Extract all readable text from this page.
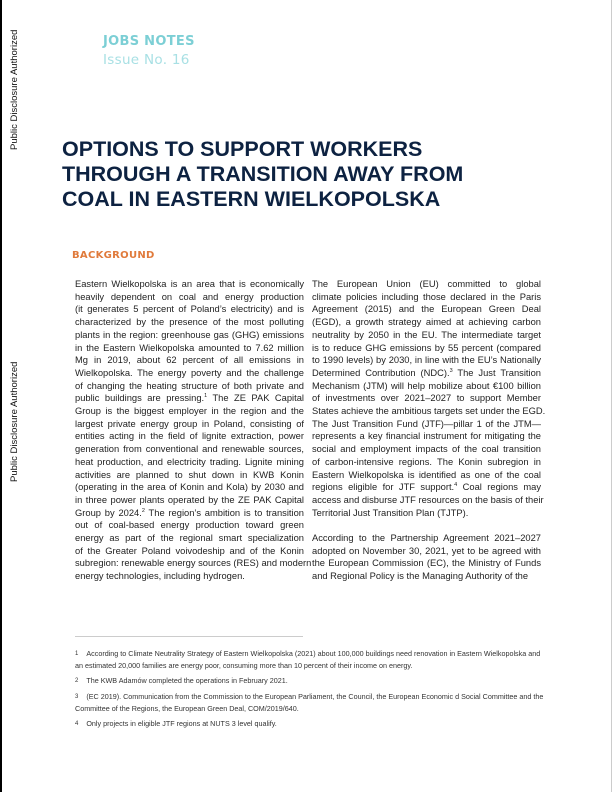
Public Disclosure Authorized
Public Disclosure Authorized
JOBS NOTES
Issue No. 16
OPTIONS TO SUPPORT WORKERS
THROUGH A TRANSITION AWAY FROM
COAL IN EASTERN WIELKOPOLSKA
BACKGROUND
Eastern Wielkopolska is an area that is economically
heavily dependent on coal and energy production
(it generates 5 percent of Poland’s electricity) and is
characterized by the presence of the most polluting
plants in the region: greenhouse gas (GHG) emissions
in the Eastern Wielkopolska amounted to 7.62 million
Mg in 2019, about 62 percent of all emissions in
Wielkopolska. The energy poverty and the challenge
of changing the heating structure of both private and
public buildings are pressing.$^1$ The ZE PAK Capital
Group is the biggest employer in the region and the
largest private energy group in Poland, consisting of
entities acting in the field of lignite extraction, power
generation from conventional and renewable sources,
heat production, and electricity trading. Lignite mining
activities are planned to shut down in KWB Konin
(operating in the area of Konin and Kola) by 2030 and
in three power plants operated by the ZE PAK Capital
Group by 2024.$^2$ The region’s ambition is to transition
out of coal-based energy production toward green
energy as part of the regional smart specialization
of the Greater Poland voivodeship and of the Konin
subregion: renewable energy sources (RES) and modern
energy technologies, including hydrogen.
The European Union (EU) committed to global
climate policies including those declared in the Paris
Agreement (2015) and the European Green Deal
(EGD), a growth strategy aimed at achieving carbon
neutrality by 2050 in the EU. The intermediate target
is to reduce GHG emissions by 55 percent (compared
to 1990 levels) by 2030, in line with the EU’s Nationally
Determined Contribution (NDC).$^3$ The Just Transition
Mechanism (JTM) will help mobilize about €100 billion
of investments over 2021–2027 to support Member
States achieve the ambitious targets set under the EGD.
The Just Transition Fund (JTF)—pillar 1 of the JTM—
represents a key financial instrument for mitigating the
social and employment impacts of the coal transition
of carbon-intensive regions. The Konin subregion in
Eastern Wielkopolska is identified as one of the coal
regions eligible for JTF support.$^4$ Coal regions may
access and disburse JTF resources on the basis of their
Territorial Just Transition Plan (TJTP).
According to the Partnership Agreement 2021–2027
adopted on November 30, 2021, yet to be agreed with
the European Commission (EC), the Ministry of Funds
and Regional Policy is the Managing Authority of the
1 According to Climate Neutrality Strategy of Eastern Wielkopolska (2021) about 100,000 buildings need renovation in Eastern Wielkopolska and an estimated 20,000 families are energy poor, consuming more than 10 percent of their income on energy.
2 The KWB Adamów completed the operations in February 2021.
3 (EC 2019). Communication from the Commission to the European Parliament, the Council, the European Economic d Social Committee and the Committee of the Regions, the European Green Deal, COM/2019/640.
4 Only projects in eligible JTF regions at NUTS 3 level qualify.
